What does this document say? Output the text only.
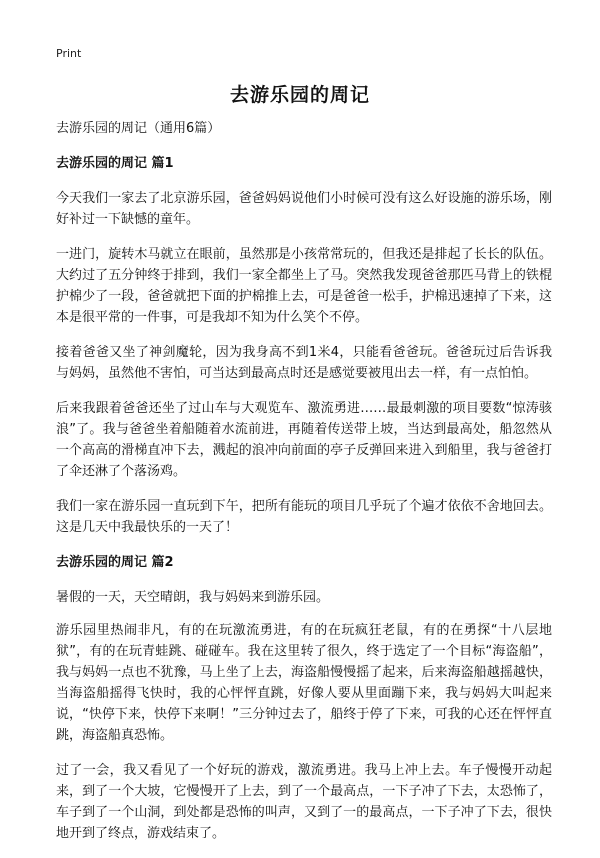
Print
去游乐园的周记

去游乐园的周记（通用6篇）

去游乐园的周记 篇1

今天我们一家去了北京游乐园，爸爸妈妈说他们小时候可没有这么好设施的游乐场，刚好补过一下缺憾的童年。

一进门，旋转木马就立在眼前，虽然那是小孩常常玩的，但我还是排起了长长的队伍。大约过了五分钟终于排到，我们一家全都坐上了马。突然我发现爸爸那匹马背上的铁棍护棉少了一段，爸爸就把下面的护棉推上去，可是爸爸一松手，护棉迅速掉了下来，这本是很平常的一件事，可是我却不知为什么笑个不停。

接着爸爸又坐了神剑魔轮，因为我身高不到1米4，只能看爸爸玩。爸爸玩过后告诉我与妈妈，虽然他不害怕，可当达到最高点时还是感觉要被甩出去一样，有一点怕怕。

后来我跟着爸爸还坐了过山车与大观览车、激流勇进……最最刺激的项目要数“惊涛骇浪”了。我与爸爸坐着船随着水流前进，再随着传送带上坡，当达到最高处，船忽然从一个高高的滑梯直冲下去，溅起的浪冲向前面的亭子反弹回来进入到船里，我与爸爸打了伞还淋了个落汤鸡。

我们一家在游乐园一直玩到下午，把所有能玩的项目几乎玩了个遍才依依不舍地回去。这是几天中我最快乐的一天了！

去游乐园的周记 篇2

暑假的一天，天空晴朗，我与妈妈来到游乐园。

游乐园里热闹非凡，有的在玩激流勇进，有的在玩疯狂老鼠，有的在勇探“十八层地狱”，有的在玩青蛙跳、碰碰车。我在这里转了很久，终于选定了一个目标“海盗船”，我与妈妈一点也不犹豫，马上坐了上去，海盗船慢慢摇了起来，后来海盗船越摇越快，当海盗船摇得飞快时，我的心怦怦直跳，好像人要从里面蹦下来，我与妈妈大叫起来说，“快停下来，快停下来啊！”三分钟过去了，船终于停了下来，可我的心还在怦怦直跳，海盗船真恐怖。

过了一会，我又看见了一个好玩的游戏，激流勇进。我马上冲上去。车子慢慢开动起来，到了一个大坡，它慢慢开了上去，到了一个最高点，一下子冲了下去，太恐怖了，车子到了一个山洞，到处都是恐怖的叫声，又到了一的最高点，一下子冲了下去，很快地开到了终点，游戏结束了。
